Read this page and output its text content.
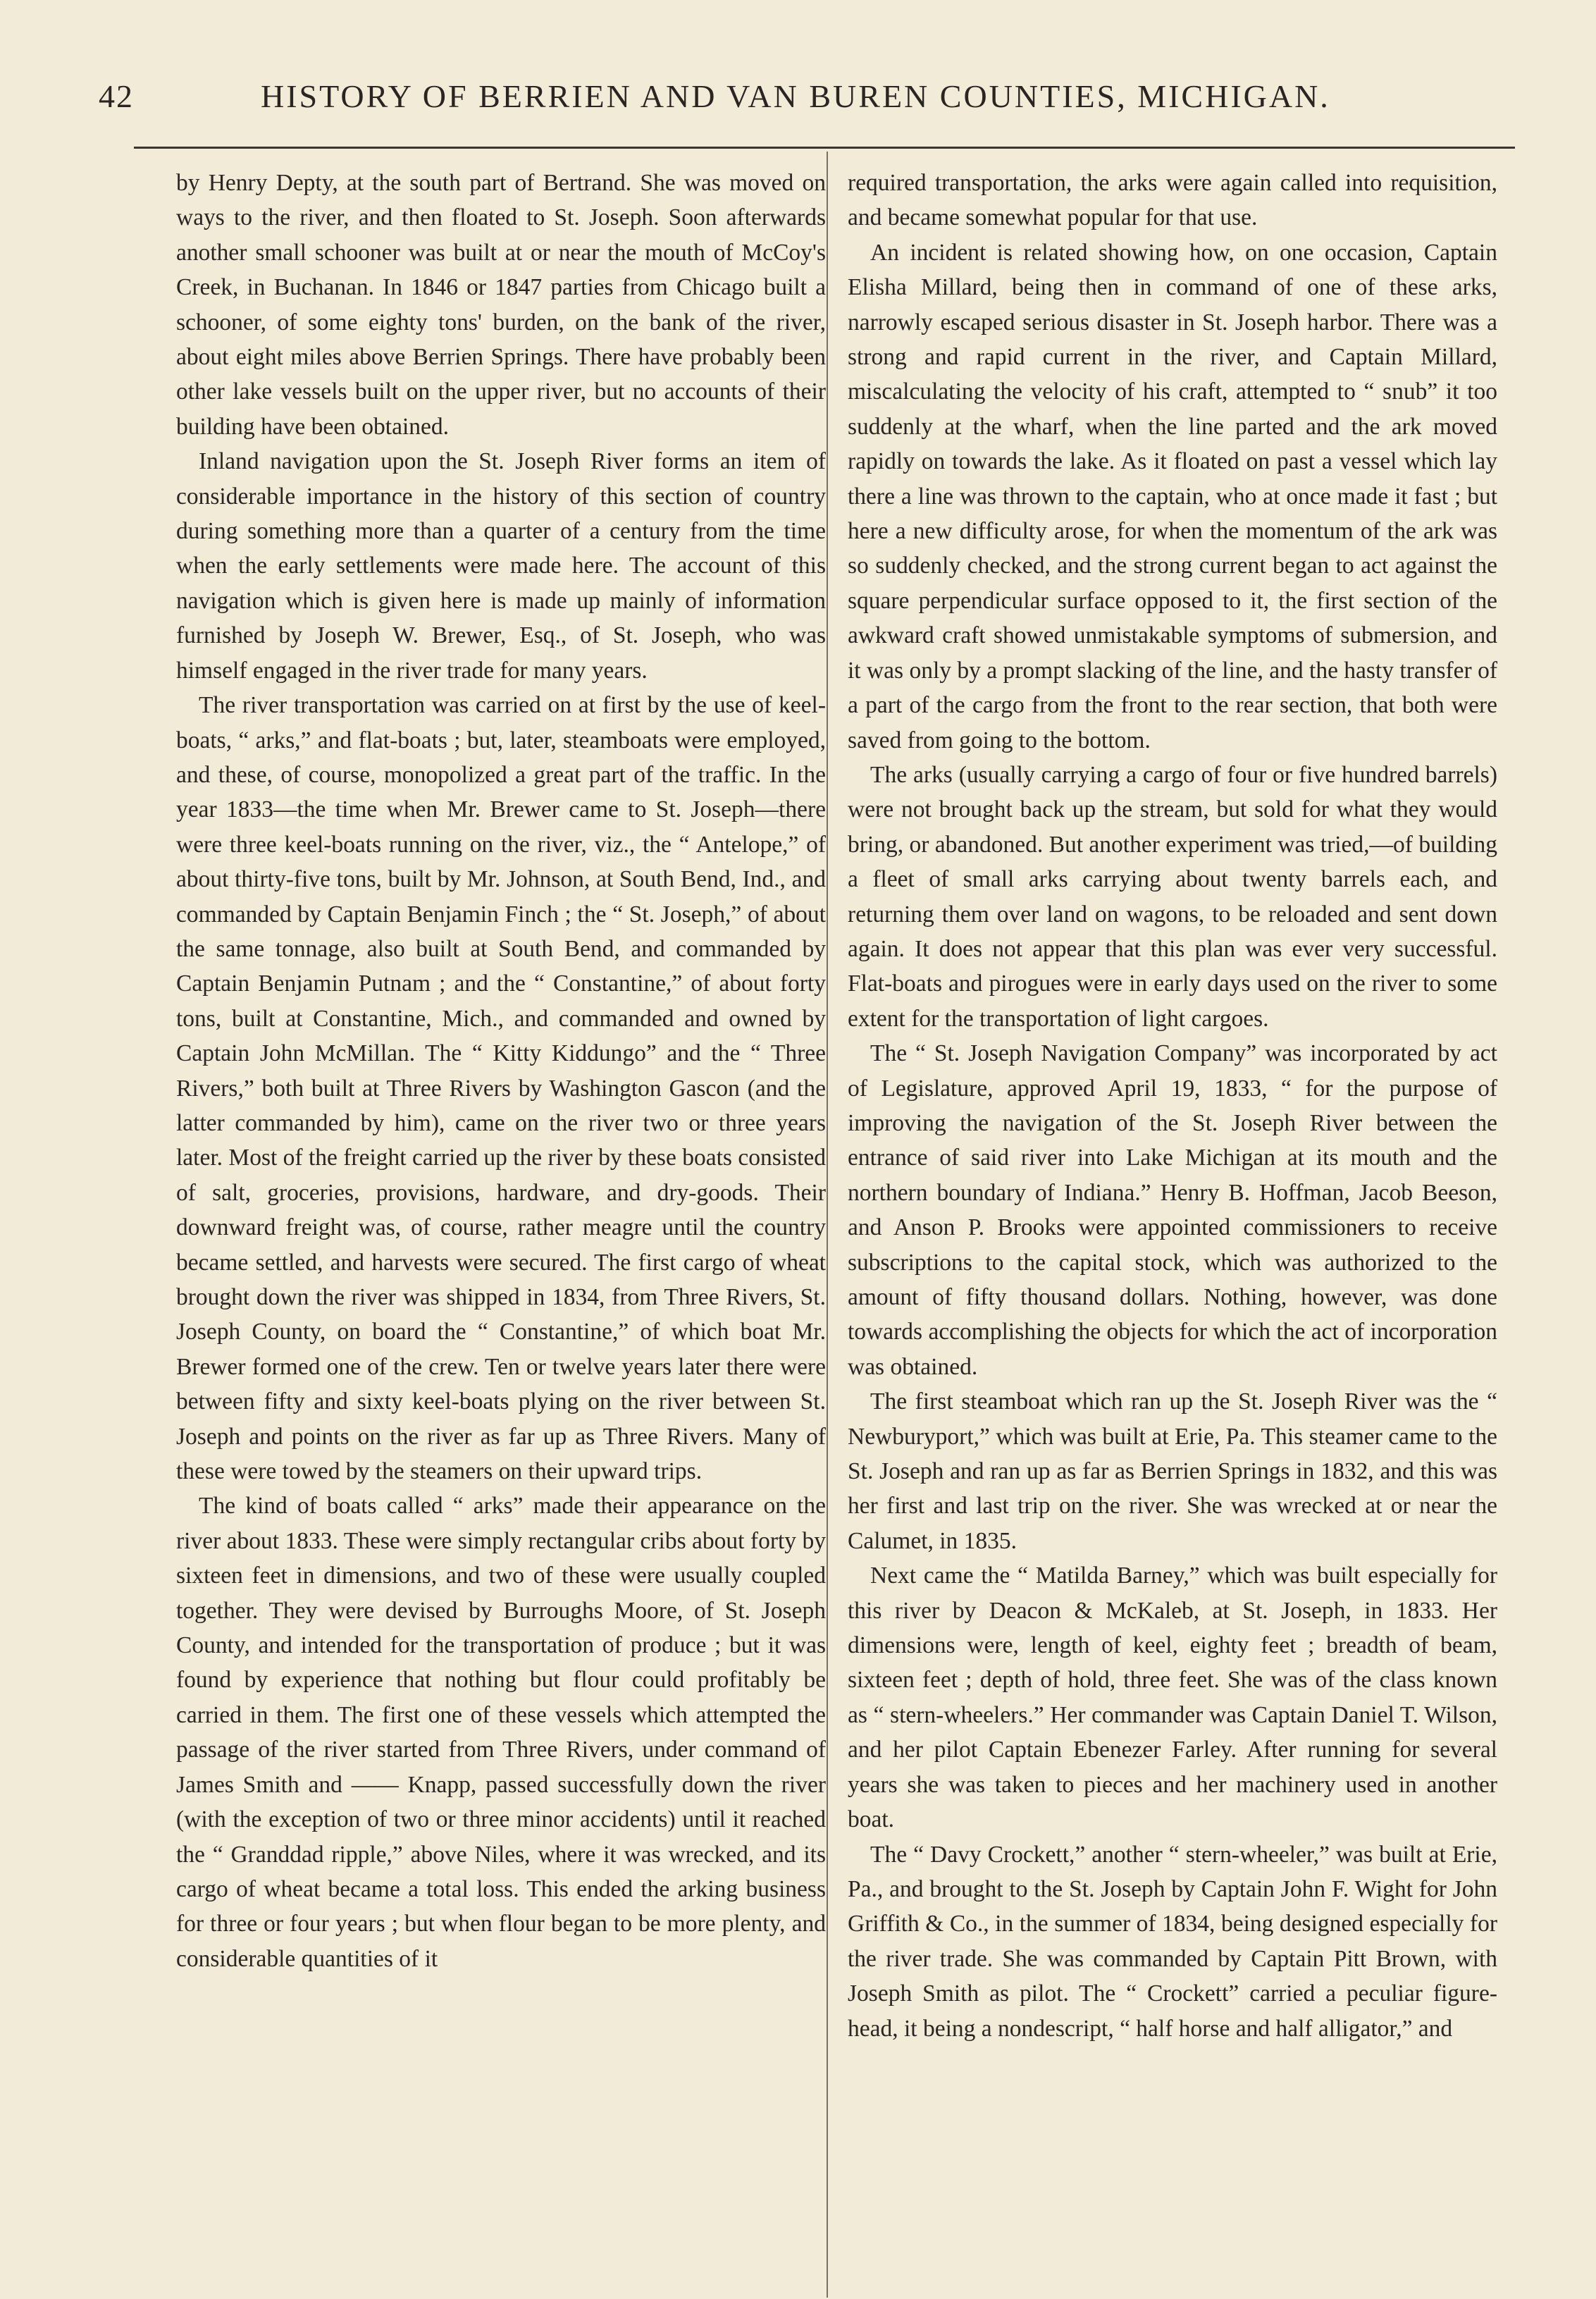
42	HISTORY OF BERRIEN AND VAN BUREN COUNTIES, MICHIGAN.

by Henry Depty, at the south part of Bertrand. She was moved on ways to the river, and then floated to St. Joseph. Soon afterwards another small schooner was built at or near the mouth of McCoy's Creek, in Buchanan. In 1846 or 1847 parties from Chicago built a schooner, of some eighty tons' burden, on the bank of the river, about eight miles above Berrien Springs. There have probably been other lake vessels built on the upper river, but no accounts of their building have been obtained.

Inland navigation upon the St. Joseph River forms an item of considerable importance in the history of this section of country during something more than a quarter of a century from the time when the early settlements were made here. The account of this navigation which is given here is made up mainly of information furnished by Joseph W. Brewer, Esq., of St. Joseph, who was himself engaged in the river trade for many years.

The river transportation was carried on at first by the use of keel-boats, “ arks,” and flat-boats ; but, later, steamboats were employed, and these, of course, monopolized a great part of the traffic. In the year 1833—the time when Mr. Brewer came to St. Joseph—there were three keel-boats running on the river, viz., the “ Antelope,” of about thirty-five tons, built by Mr. Johnson, at South Bend, Ind., and commanded by Captain Benjamin Finch ; the “ St. Joseph,” of about the same tonnage, also built at South Bend, and commanded by Captain Benjamin Putnam ; and the “ Constantine,” of about forty tons, built at Constantine, Mich., and commanded and owned by Captain John McMillan. The “ Kitty Kiddungo” and the “ Three Rivers,” both built at Three Rivers by Washington Gascon (and the latter commanded by him), came on the river two or three years later. Most of the freight carried up the river by these boats consisted of salt, groceries, provisions, hardware, and dry-goods. Their downward freight was, of course, rather meagre until the country became settled, and harvests were secured. The first cargo of wheat brought down the river was shipped in 1834, from Three Rivers, St. Joseph County, on board the “ Constantine,” of which boat Mr. Brewer formed one of the crew. Ten or twelve years later there were between fifty and sixty keel-boats plying on the river between St. Joseph and points on the river as far up as Three Rivers. Many of these were towed by the steamers on their upward trips.

The kind of boats called “ arks” made their appearance on the river about 1833. These were simply rectangular cribs about forty by sixteen feet in dimensions, and two of these were usually coupled together. They were devised by Burroughs Moore, of St. Joseph County, and intended for the transportation of produce ; but it was found by experience that nothing but flour could profitably be carried in them. The first one of these vessels which attempted the passage of the river started from Three Rivers, under command of James Smith and —— Knapp, passed successfully down the river (with the exception of two or three minor accidents) until it reached the “ Granddad ripple,” above Niles, where it was wrecked, and its cargo of wheat became a total loss. This ended the arking business for three or four years ; but when flour began to be more plenty, and considerable quantities of it

required transportation, the arks were again called into requisition, and became somewhat popular for that use.

An incident is related showing how, on one occasion, Captain Elisha Millard, being then in command of one of these arks, narrowly escaped serious disaster in St. Joseph harbor. There was a strong and rapid current in the river, and Captain Millard, miscalculating the velocity of his craft, attempted to “ snub” it too suddenly at the wharf, when the line parted and the ark moved rapidly on towards the lake. As it floated on past a vessel which lay there a line was thrown to the captain, who at once made it fast ; but here a new difficulty arose, for when the momentum of the ark was so suddenly checked, and the strong current began to act against the square perpendicular surface opposed to it, the first section of the awkward craft showed unmistakable symptoms of submersion, and it was only by a prompt slacking of the line, and the hasty transfer of a part of the cargo from the front to the rear section, that both were saved from going to the bottom.

The arks (usually carrying a cargo of four or five hundred barrels) were not brought back up the stream, but sold for what they would bring, or abandoned. But another experiment was tried,—of building a fleet of small arks carrying about twenty barrels each, and returning them over land on wagons, to be reloaded and sent down again. It does not appear that this plan was ever very successful. Flat-boats and pirogues were in early days used on the river to some extent for the transportation of light cargoes.

The “ St. Joseph Navigation Company” was incorporated by act of Legislature, approved April 19, 1833, “ for the purpose of improving the navigation of the St. Joseph River between the entrance of said river into Lake Michigan at its mouth and the northern boundary of Indiana.” Henry B. Hoffman, Jacob Beeson, and Anson P. Brooks were appointed commissioners to receive subscriptions to the capital stock, which was authorized to the amount of fifty thousand dollars. Nothing, however, was done towards accomplishing the objects for which the act of incorporation was obtained.

The first steamboat which ran up the St. Joseph River was the “ Newburyport,” which was built at Erie, Pa. This steamer came to the St. Joseph and ran up as far as Berrien Springs in 1832, and this was her first and last trip on the river. She was wrecked at or near the Calumet, in 1835.

Next came the “ Matilda Barney,” which was built especially for this river by Deacon & McKaleb, at St. Joseph, in 1833. Her dimensions were, length of keel, eighty feet ; breadth of beam, sixteen feet ; depth of hold, three feet. She was of the class known as “ stern-wheelers.” Her commander was Captain Daniel T. Wilson, and her pilot Captain Ebenezer Farley. After running for several years she was taken to pieces and her machinery used in another boat.

The “ Davy Crockett,” another “ stern-wheeler,” was built at Erie, Pa., and brought to the St. Joseph by Captain John F. Wight for John Griffith & Co., in the summer of 1834, being designed especially for the river trade. She was commanded by Captain Pitt Brown, with Joseph Smith as pilot. The “ Crockett” carried a peculiar figure-head, it being a nondescript, “ half horse and half alligator,” and
